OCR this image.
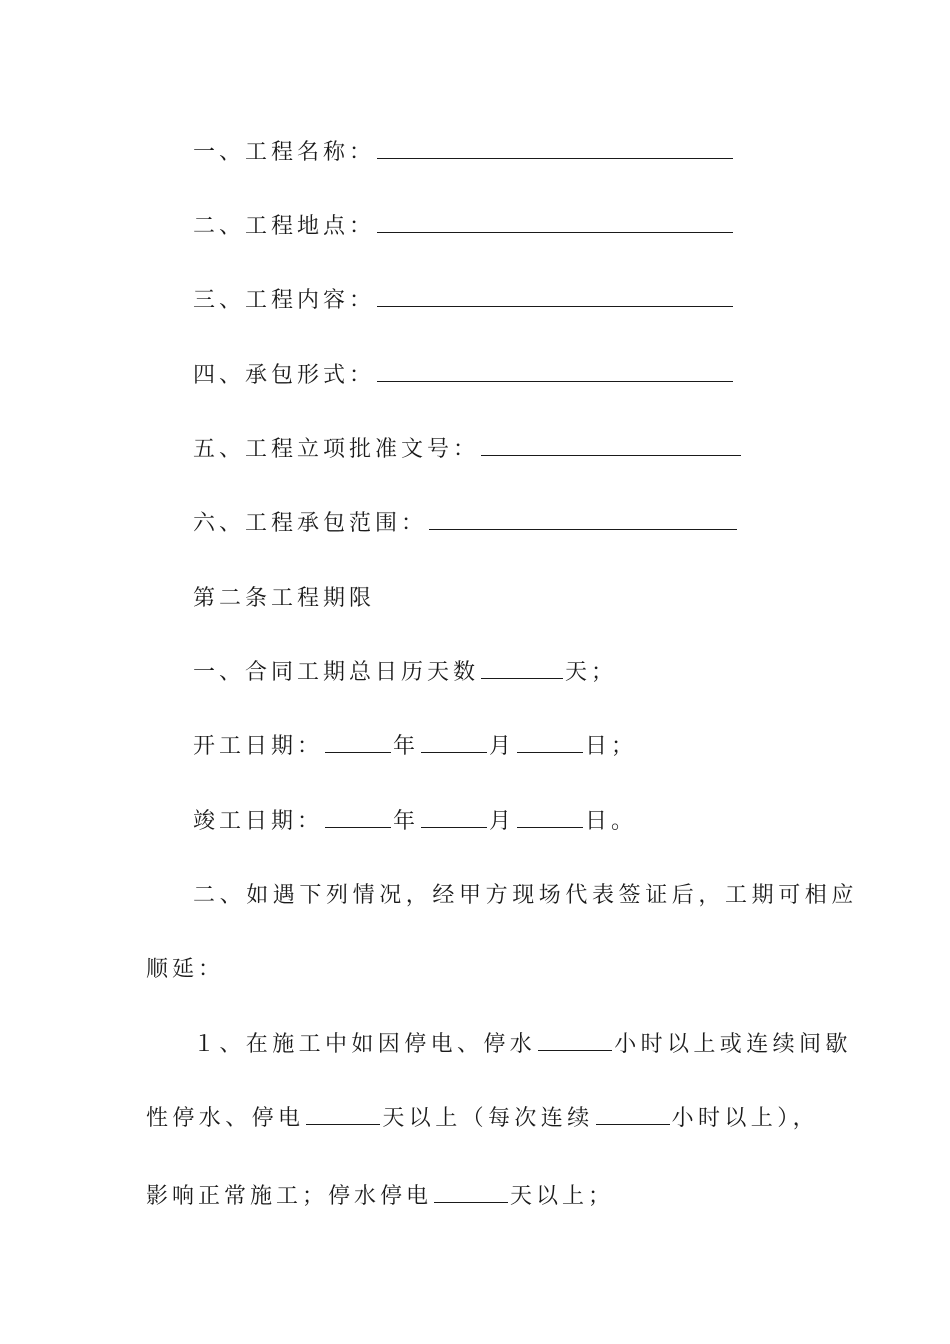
一、工程名称：
二、工程地点：
三、工程内容：
四、承包形式：
五、工程立项批准文号：
六、工程承包范围：
第二条工程期限
一、合同工期总日历天数	天；
开工日期：	年	月	日；
竣工日期：	年	月	日。
二、如遇下列情况，经甲方现场代表签证后，工期可相应
顺延：
１、在施工中如因停电、停水	小时以上或连续间歇
性停水、停电	天以上（每次连续	小时以上），
影响正常施工；停水停电	天以上；
